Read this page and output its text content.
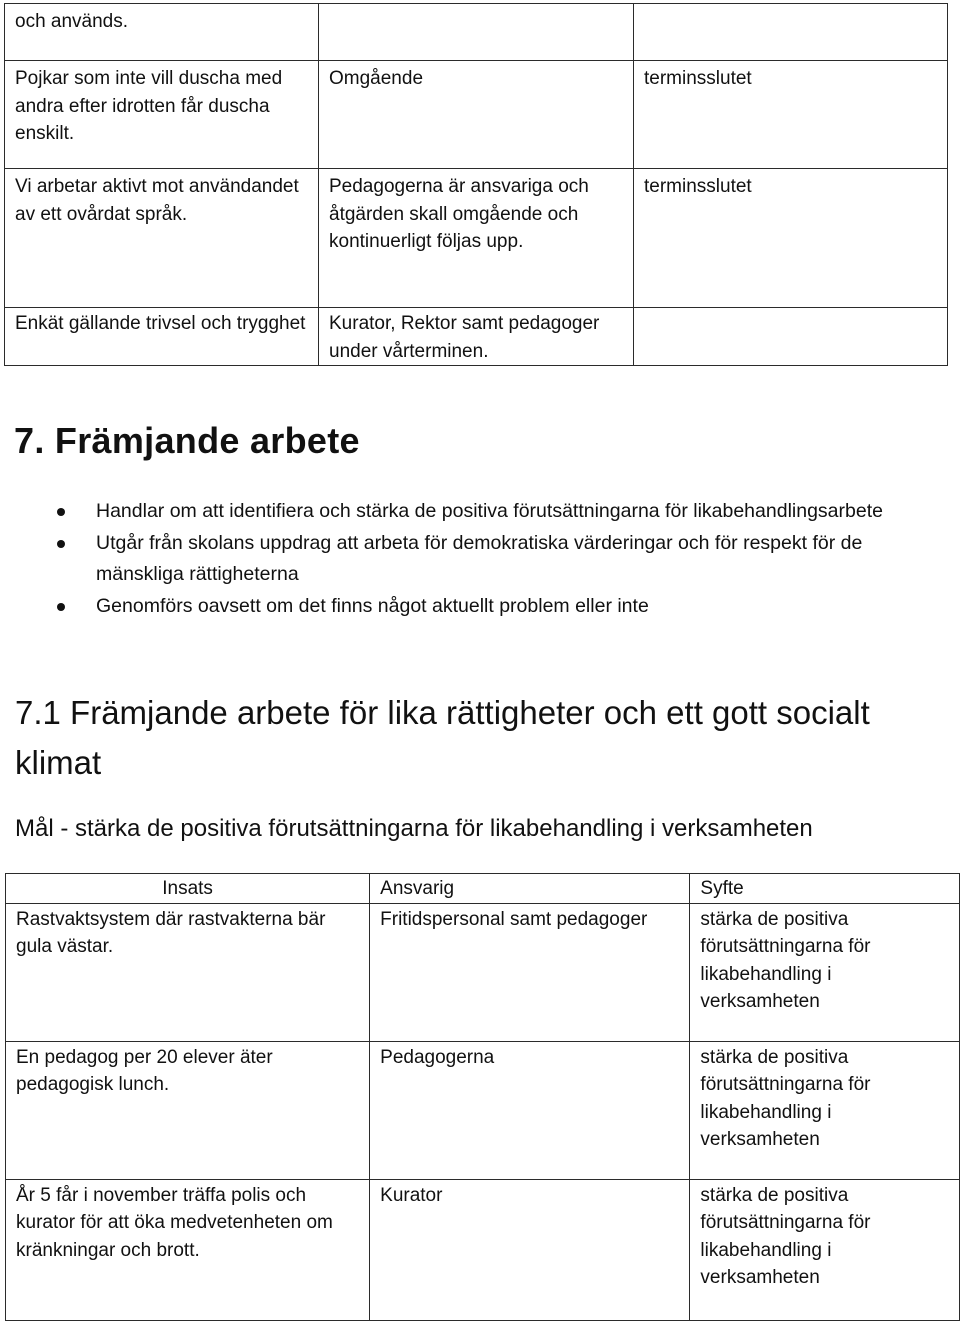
och används.		
Pojkar som inte vill duscha med andra efter idrotten får duscha enskilt.	Omgående	terminsslutet
Vi arbetar aktivt mot användandet av ett ovårdat språk.	Pedagogerna är ansvariga och åtgärden skall omgående och kontinuerligt följas upp.	terminsslutet
Enkät gällande trivsel och trygghet	Kurator, Rektor samt pedagoger under vårterminen.	
7. Främjande arbete
Handlar om att identifiera och stärka de positiva förutsättningarna för likabehandlingsarbete
Utgår från skolans uppdrag att arbeta för demokratiska värderingar och för respekt för de mänskliga rättigheterna
Genomförs oavsett om det finns något aktuellt problem eller inte
7.1 Främjande arbete för lika rättigheter och ett gott socialt klimat

Mål - stärka de positiva förutsättningarna för likabehandling i verksamheten

Insats	Ansvarig	Syfte
Rastvaktsystem där rastvakterna bär gula västar.	Fritidspersonal samt pedagoger	stärka de positiva förutsättningarna för likabehandling i verksamheten
En pedagog per 20 elever äter pedagogisk lunch.	Pedagogerna	stärka de positiva förutsättningarna för likabehandling i verksamheten
År 5 får i november träffa polis och kurator för att öka medvetenheten om kränkningar och brott.	Kurator	stärka de positiva förutsättningarna för likabehandling i verksamheten
